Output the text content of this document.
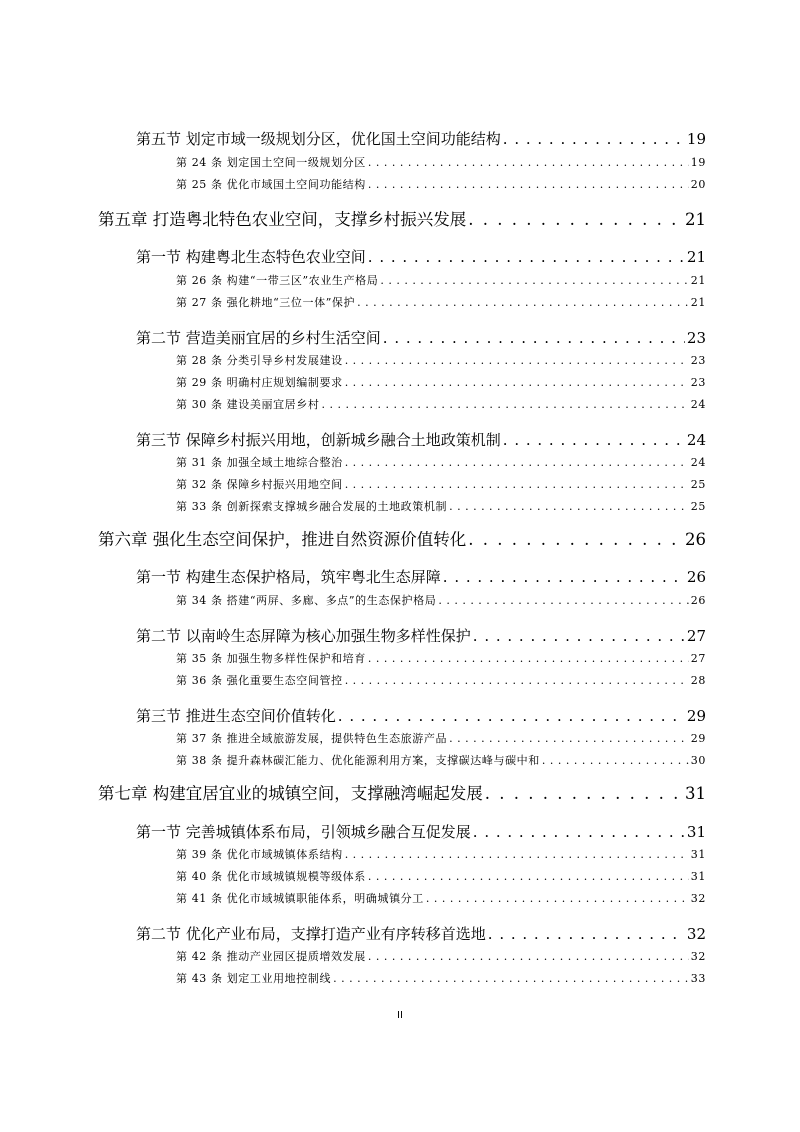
第五节 划定市域一级规划分区，优化国土空间功能结构 . . .	19
第 24 条 划定国土空间一级规划分区 . . .	19
第 25 条 优化市域国土空间功能结构 . . .	20
第五章 打造粤北特色农业空间，支撑乡村振兴发展 . . .	21
第一节 构建粤北生态特色农业空间 . . .	21
第 26 条 构建“一带三区”农业生产格局 . . .	21
第 27 条 强化耕地“三位一体”保护 . . .	21
第二节 营造美丽宜居的乡村生活空间 . . .	23
第 28 条 分类引导乡村发展建设 . . .	23
第 29 条 明确村庄规划编制要求 . . .	23
第 30 条 建设美丽宜居乡村 . . .	24
第三节 保障乡村振兴用地，创新城乡融合土地政策机制 . . .	24
第 31 条 加强全域土地综合整治 . . .	24
第 32 条 保障乡村振兴用地空间 . . .	25
第 33 条 创新探索支撑城乡融合发展的土地政策机制 . . .	25
第六章 强化生态空间保护，推进自然资源价值转化 . . .	26
第一节 构建生态保护格局，筑牢粤北生态屏障 . . .	26
第 34 条 搭建“两屏、多廊、多点”的生态保护格局 . . .	26
第二节 以南岭生态屏障为核心加强生物多样性保护 . . .	27
第 35 条 加强生物多样性保护和培育 . . .	27
第 36 条 强化重要生态空间管控 . . .	28
第三节 推进生态空间价值转化 . . .	29
第 37 条 推进全域旅游发展，提供特色生态旅游产品 . . .	29
第 38 条 提升森林碳汇能力、优化能源利用方案，支撑碳达峰与碳中和 . . .	30
第七章 构建宜居宜业的城镇空间，支撑融湾崛起发展 . . .	31
第一节 完善城镇体系布局，引领城乡融合互促发展 . . .	31
第 39 条 优化市域城镇体系结构 . . .	31
第 40 条 优化市域城镇规模等级体系 . . .	31
第 41 条 优化市域城镇职能体系，明确城镇分工 . . .	32
第二节 优化产业布局，支撑打造产业有序转移首选地 . . .	32
第 42 条 推动产业园区提质增效发展 . . .	32
第 43 条 划定工业用地控制线 . . .	33
II
